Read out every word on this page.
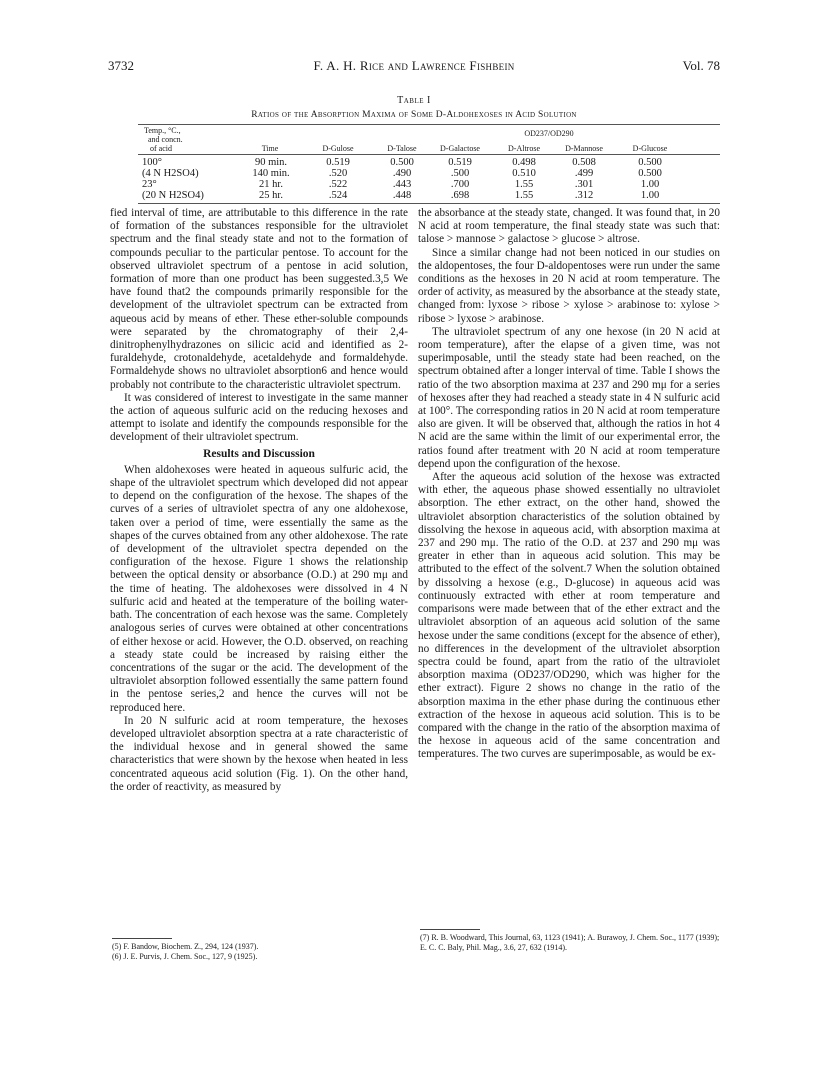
3732	F. A. H. Rice and Lawrence Fishbein	Vol. 78
Table I
Ratios of the Absorption Maxima of Some D-Aldohexoses in Acid Solution
Temp., °C.,
and concn.
of acid	Time
OD237/OD290
D-Gulose	D-Talose	D-Galactose	D-Altrose	D-Mannose	D-Glucose
100°	90 min.	0.519	0.500	0.519	0.498	0.508	0.500
(4 N H2SO4)	140 min.	.520	.490	.500	0.510	.499	0.500
23°	21 hr.	.522	.443	.700	1.55	.301	1.00
(20 N H2SO4)	25 hr.	.524	.448	.698	1.55	.312	1.00

fied interval of time, are attributable to this difference in the rate of formation of the substances responsible for the ultraviolet spectrum and the final steady state and not to the formation of compounds peculiar to the particular pentose. To account for the observed ultraviolet spectrum of a pentose in acid solution, formation of more than one product has been suggested.3,5 We have found that2 the compounds primarily responsible for the development of the ultraviolet spectrum can be extracted from aqueous acid by means of ether. These ether-soluble compounds were separated by the chromatography of their 2,4-dinitrophenylhydrazones on silicic acid and identified as 2-furaldehyde, crotonaldehyde, acetaldehyde and formaldehyde. Formaldehyde shows no ultraviolet absorption6 and hence would probably not contribute to the characteristic ultraviolet spectrum.

It was considered of interest to investigate in the same manner the action of aqueous sulfuric acid on the reducing hexoses and attempt to isolate and identify the compounds responsible for the development of their ultraviolet spectrum.

Results and Discussion

When aldohexoses were heated in aqueous sulfuric acid, the shape of the ultraviolet spectrum which developed did not appear to depend on the configuration of the hexose. The shapes of the curves of a series of ultraviolet spectra of any one aldohexose, taken over a period of time, were essentially the same as the shapes of the curves obtained from any other aldohexose. The rate of development of the ultraviolet spectra depended on the configuration of the hexose. Figure 1 shows the relationship between the optical density or absorbance (O.D.) at 290 mμ and the time of heating. The aldohexoses were dissolved in 4 N sulfuric acid and heated at the temperature of the boiling water-bath. The concentration of each hexose was the same. Completely analogous series of curves were obtained at other concentrations of either hexose or acid. However, the O.D. observed, on reaching a steady state could be increased by raising either the concentrations of the sugar or the acid. The development of the ultraviolet absorption followed essentially the same pattern found in the pentose series,2 and hence the curves will not be reproduced here.

In 20 N sulfuric acid at room temperature, the hexoses developed ultraviolet absorption spectra at a rate characteristic of the individual hexose and in general showed the same characteristics that were shown by the hexose when heated in less concentrated aqueous acid solution (Fig. 1). On the other hand, the order of reactivity, as measured by

the absorbance at the steady state, changed. It was found that, in 20 N acid at room temperature, the final steady state was such that: talose > mannose > galactose > glucose > altrose.

Since a similar change had not been noticed in our studies on the aldopentoses, the four D-aldopentoses were run under the same conditions as the hexoses in 20 N acid at room temperature. The order of activity, as measured by the absorbance at the steady state, changed from: lyxose > ribose > xylose > arabinose to: xylose > ribose > lyxose > arabinose.

The ultraviolet spectrum of any one hexose (in 20 N acid at room temperature), after the elapse of a given time, was not superimposable, until the steady state had been reached, on the spectrum obtained after a longer interval of time. Table I shows the ratio of the two absorption maxima at 237 and 290 mμ for a series of hexoses after they had reached a steady state in 4 N sulfuric acid at 100°. The corresponding ratios in 20 N acid at room temperature also are given. It will be observed that, although the ratios in hot 4 N acid are the same within the limit of our experimental error, the ratios found after treatment with 20 N acid at room temperature depend upon the configuration of the hexose.

After the aqueous acid solution of the hexose was extracted with ether, the aqueous phase showed essentially no ultraviolet absorption. The ether extract, on the other hand, showed the ultraviolet absorption characteristics of the solution obtained by dissolving the hexose in aqueous acid, with absorption maxima at 237 and 290 mμ. The ratio of the O.D. at 237 and 290 mμ was greater in ether than in aqueous acid solution. This may be attributed to the effect of the solvent.7 When the solution obtained by dissolving a hexose (e.g., D-glucose) in aqueous acid was continuously extracted with ether at room temperature and comparisons were made between that of the ether extract and the ultraviolet absorption of an aqueous acid solution of the same hexose under the same conditions (except for the absence of ether), no differences in the development of the ultraviolet absorption spectra could be found, apart from the ratio of the ultraviolet absorption maxima (OD237/OD290, which was higher for the ether extract). Figure 2 shows no change in the ratio of the absorption maxima in the ether phase during the continuous ether extraction of the hexose in aqueous acid solution. This is to be compared with the change in the ratio of the absorption maxima of the hexose in aqueous acid of the same concentration and temperatures. The two curves are superimposable, as would be ex-

(5) F. Bandow, Biochem. Z., 294, 124 (1937).
(6) J. E. Purvis, J. Chem. Soc., 127, 9 (1925).
(7) R. B. Woodward, This Journal, 63, 1123 (1941); A. Burawoy, J. Chem. Soc., 1177 (1939); E. C. C. Baly, Phil. Mag., 3.6, 27, 632 (1914).
